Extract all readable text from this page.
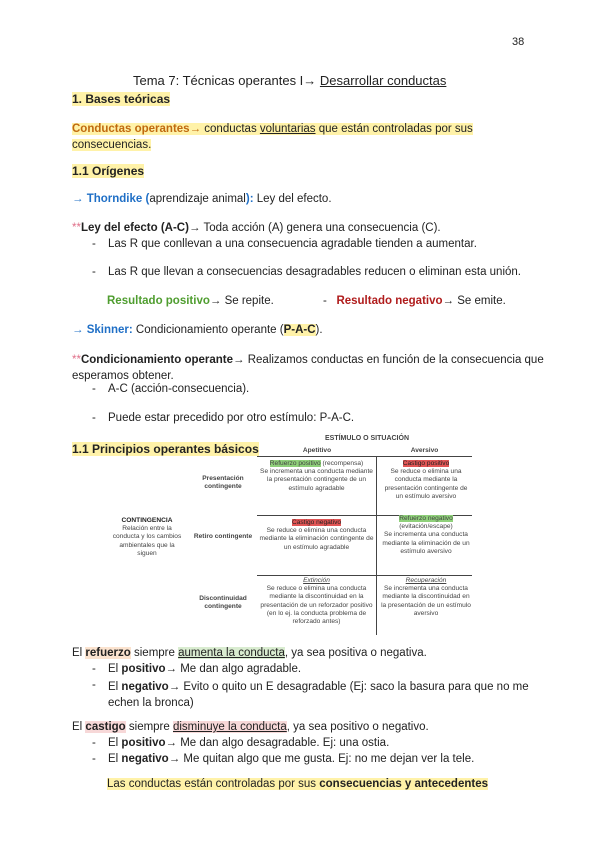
38
Tema 7: Técnicas operantes I→ Desarrollar conductas
1. Bases teóricas
Conductas operantes→ conductas voluntarias que están controladas por sus
consecuencias.
1.1 Orígenes
→ Thorndike (aprendizaje animal): Ley del efecto.
**Ley del efecto (A-C)→ Toda acción (A) genera una consecuencia (C).
- Las R que conllevan a una consecuencia agradable tienden a aumentar.
- Las R que llevan a consecuencias desagradables reducen o eliminan esta unión.
Resultado positivo→ Se repite.	- Resultado negativo→ Se emite.
→ Skinner: Condicionamiento operante (P-A-C).
**Condicionamiento operante→ Realizamos conductas en función de la consecuencia que
esperamos obtener.
- A-C (acción-consecuencia).
- Puede estar precedido por otro estímulo: P-A-C.
1.1 Principios operantes básicos
ESTÍMULO O SITUACIÓN
Apetitivo	Aversivo
CONTINGENCIA
Relación entre la conducta y los cambios ambientales que la siguen
Presentación contingente
Refuerzo positivo (recompensa)
Se incrementa una conducta mediante la presentación contingente de un estímulo agradable
Castigo positivo
Se reduce o elimina una conducta mediante la presentación contingente de un estímulo aversivo
Retiro contingente
Castigo negativo
Se reduce o elimina una conducta mediante la eliminación contingente de un estímulo agradable
Refuerzo negativo
(evitación/escape)
Se incrementa una conducta mediante la eliminación de un estímulo aversivo
Discontinuidad contingente
Extinción
Se reduce o elimina una conducta mediante la discontinuidad en la presentación de un reforzador positivo (en lo ej. la conducta problema de reforzado antes)
Recuperación
Se incrementa una conducta mediante la discontinuidad en la presentación de un estímulo aversivo
El refuerzo siempre aumenta la conducta, ya sea positiva o negativa.
- El positivo→ Me dan algo agradable.
- El negativo→ Evito o quito un E desagradable (Ej: saco la basura para que no me
echen la bronca)
El castigo siempre disminuye la conducta, ya sea positivo o negativo.
- El positivo→ Me dan algo desagradable. Ej: una ostia.
- El negativo→ Me quitan algo que me gusta. Ej: no me dejan ver la tele.
Las conductas están controladas por sus consecuencias y antecedentes
